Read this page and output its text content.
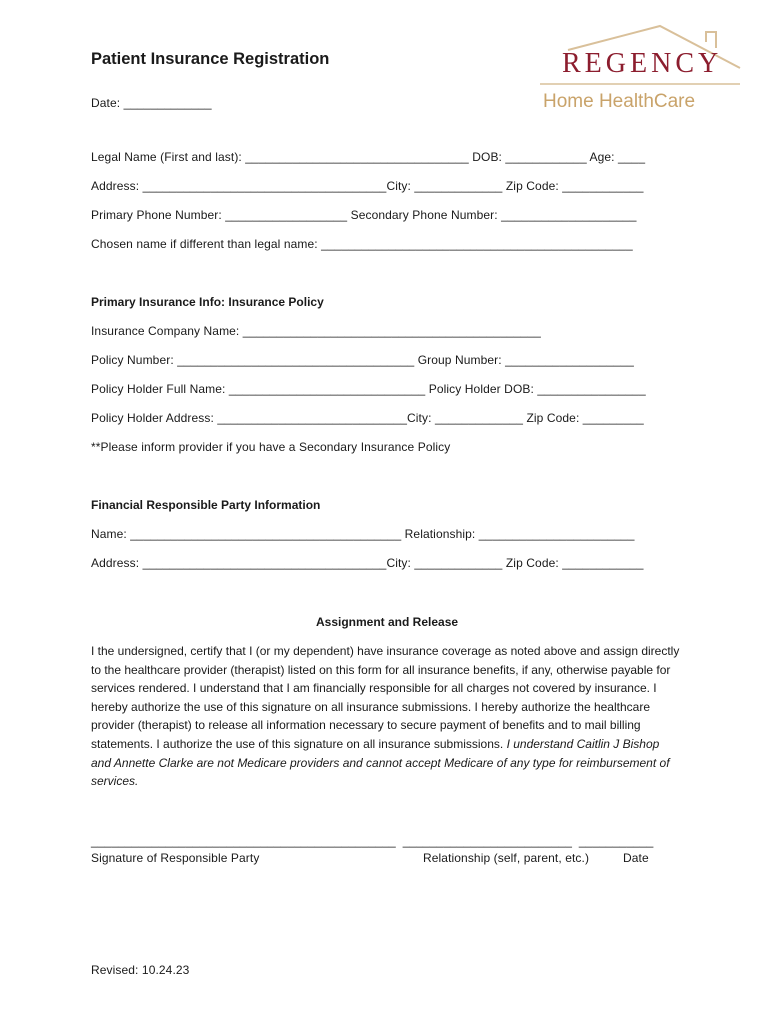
Patient Insurance Registration
Date: _____________
REGENCY
Home HealthCare
Legal Name (First and last): _________________________________ DOB: ____________ Age: ____
Address: ____________________________________City: _____________ Zip Code: ____________
Primary Phone Number: __________________ Secondary Phone Number: ____________________
Chosen name if different than legal name: ______________________________________________
Primary Insurance Info: Insurance Policy
Insurance Company Name: ____________________________________________
Policy Number: ___________________________________ Group Number: ___________________
Policy Holder Full Name: _____________________________ Policy Holder DOB: ________________
Policy Holder Address: ____________________________City: _____________ Zip Code: _________
**Please inform provider if you have a Secondary Insurance Policy
Financial Responsible Party Information
Name: ________________________________________ Relationship: _______________________
Address: ____________________________________City: _____________ Zip Code: ____________
Assignment and Release
I the undersigned, certify that I (or my dependent) have insurance coverage as noted above and assign directly to the healthcare provider (therapist) listed on this form for all insurance benefits, if any, otherwise payable for services rendered. I understand that I am financially responsible for all charges not covered by insurance. I hereby authorize the use of this signature on all insurance submissions. I hereby authorize the healthcare provider (therapist) to release all information necessary to secure payment of benefits and to mail billing statements. I authorize the use of this signature on all insurance submissions. I understand Caitlin J Bishop and Annette Clarke are not Medicare providers and cannot accept Medicare of any type for reimbursement of services.
_____________________________________________  _________________________  ___________
Signature of Responsible Party	Relationship (self, parent, etc.)	Date
Revised: 10.24.23
